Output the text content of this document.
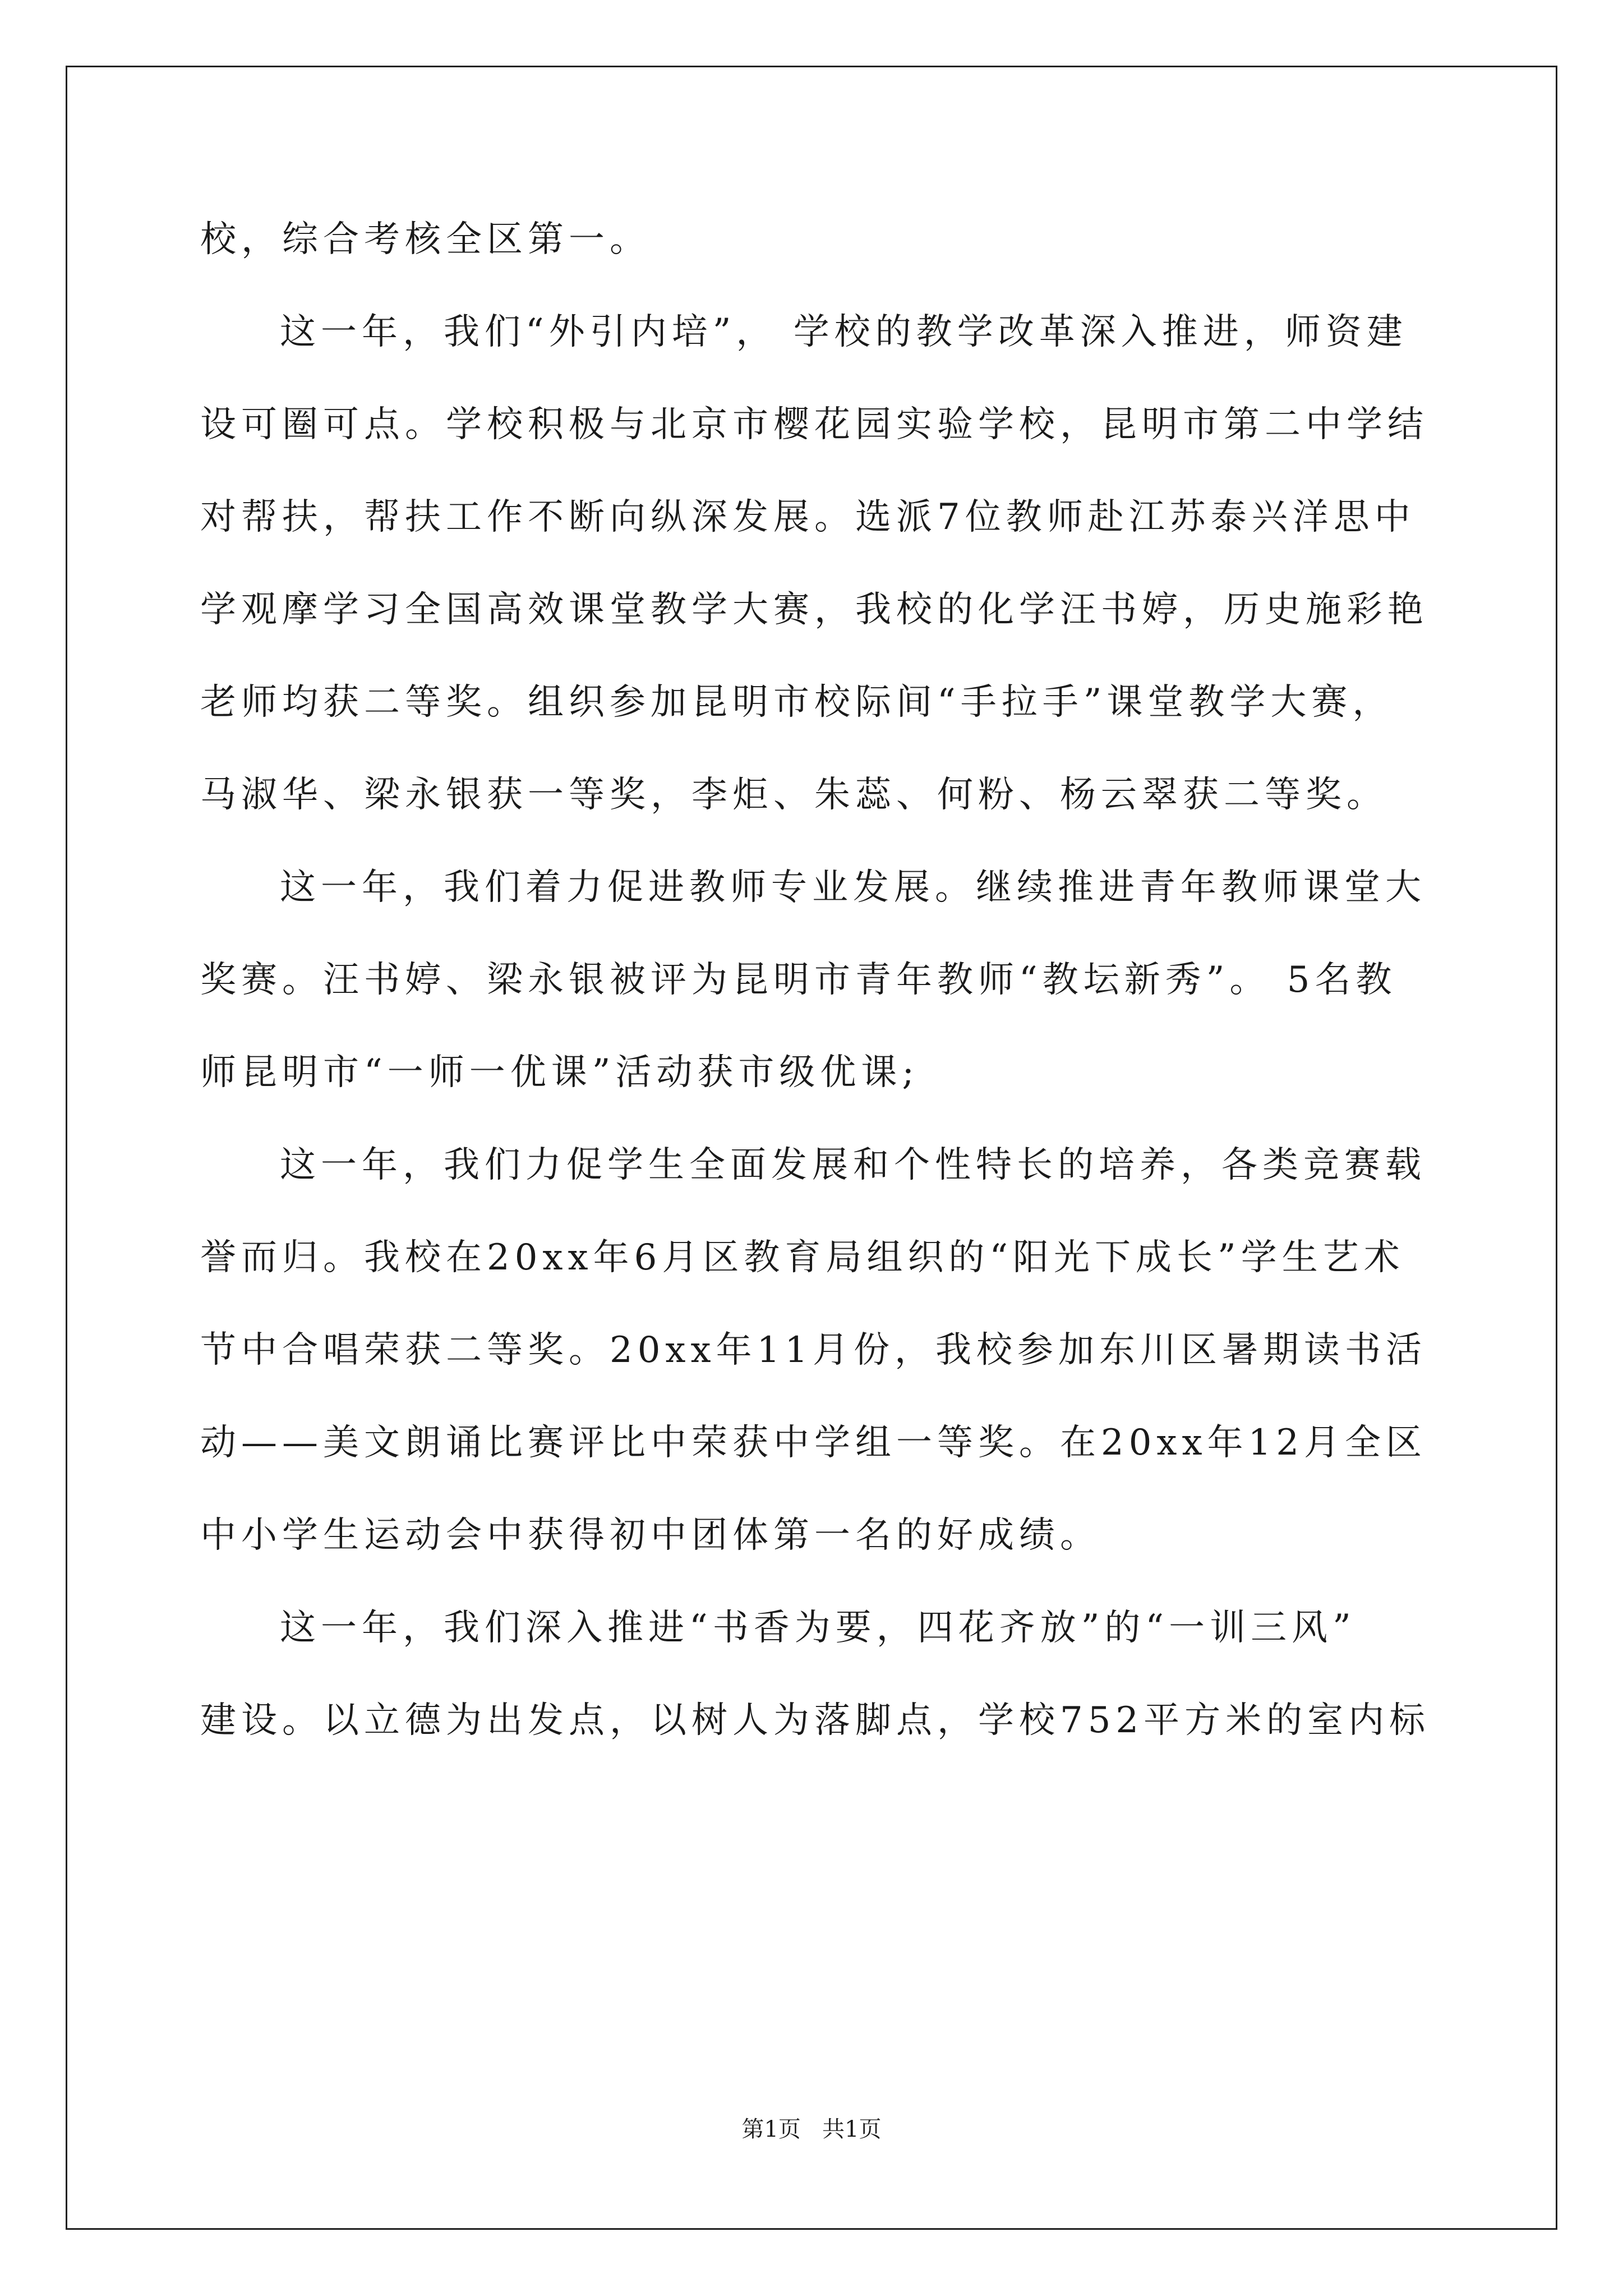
校，综合考核全区第一。
这一年，我们“外引内培”， 学校的教学改革深入推进，师资建
设可圈可点。学校积极与北京市樱花园实验学校，昆明市第二中学结
对帮扶，帮扶工作不断向纵深发展。选派7位教师赴江苏泰兴洋思中
学观摩学习全国高效课堂教学大赛，我校的化学汪书婷，历史施彩艳
老师均获二等奖。组织参加昆明市校际间“手拉手”课堂教学大赛，
马淑华、梁永银获一等奖，李炬、朱蕊、何粉、杨云翠获二等奖。
这一年，我们着力促进教师专业发展。继续推进青年教师课堂大
奖赛。汪书婷、梁永银被评为昆明市青年教师“教坛新秀”。 5名教
师昆明市“一师一优课”活动获市级优课;
这一年，我们力促学生全面发展和个性特长的培养，各类竞赛载
誉而归。我校在20xx年6月区教育局组织的“阳光下成长”学生艺术
节中合唱荣获二等奖。20xx年11月份，我校参加东川区暑期读书活
动——美文朗诵比赛评比中荣获中学组一等奖。在20xx年12月全区
中小学生运动会中获得初中团体第一名的好成绩。
这一年，我们深入推进“书香为要，四花齐放”的“一训三风”
建设。以立德为出发点，以树人为落脚点，学校752平方米的室内标
第1页   共1页
